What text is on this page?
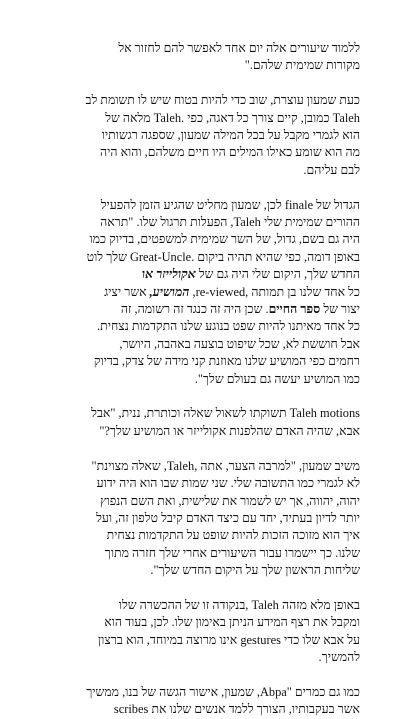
ללמוד שיעורים אלה יום אחד לאפשר להם לחזור אל
מקורות שמימית שלהם."

כעת שמעון עוצרת, שוב כדי להיות בטוח שיש לו תשומת לב
Taleh כמובן, קיים צורך כל דאגה, כפי .Taleh מלאה של
הוא לגמרי מקבל על בכל המילה שמעון, שספגה רגשותיו
מה הוא שומע כאילו המילים היו חיים משלהם, והוא היה
לבם עליהם.

הגדול של finale לכן, שמעון מחליט שהגיע הזמן להפעיל
ההורים שמימית שלי Taleh, הפעלות תרגול שלו. "תראה
היה גם בשם, גדול, של השר שמימית למשפטים, בדיוק כמו
באופן דומה, כפי שהיא תהיה ביקום .Great-Uncle שלך לוט
החדש שלך, היקום שלי היה גם של אקולייזר או
כל אחד שלנו בן תמותה ,re-viewed, המושיע, אשר יציג
יצור של ספר החיים. שכן היה זה כנגד זה רשומה, זה
כל אחד מאיתנו להיות שפט בנוגע שלנו התקדמות נצחית.
אבל חוששת לא, שכל שיפוט בוצעה באהבה, היושר,
רחמים כפי המושיע שלנו מאוזנת קני מידה של צדק, בדיוק
כמו המושיע יעשה גם בעולם שלך".

Taleh motions תשוקתו לשאול שאלה וכותרת, ננית, "אבל
אבא, שהיה האדם שהלפנות אקולייזר או המושיע שלך?"

משיב שמעון, "למרבה הצער, אתה ,Taleh, שאלה מצוינת"
לא לגמרי כמו התשובה שלי. שני שמות שבו הוא היה ידוע
יהוה, יהווה, אך יש לשמור את שלישית, ואת השם הנפוץ
יותר לדיון בעתיד, יחד עם כיצד האדם קיבל טלפון זה, ועל
איך הוא מזוכה הזכות להיות שופט על התקדמות נצחית
שלנו. כך יישמרו עבור השיעורים אחרי שלך חזרה מתוך
שליחות הראשון שלך על היקום החדש שלך".

באופן מלא מזהה Taleh ,בנקודה זו של ההכשרה שלו
ומקבל את רצף המידע הניתן באימון שלו. לכן, בעוד הוא
על אבא שלו כדי gestures אינו מרוצה במיוחד, הוא ברצון
להמשיך.

כמו גם כמרים "Abpa, שמעון, אישור הגשה של בנו, ממשיך
אשר בעקבותיו, הצורך ללמד אנשים שלנו את scribes
